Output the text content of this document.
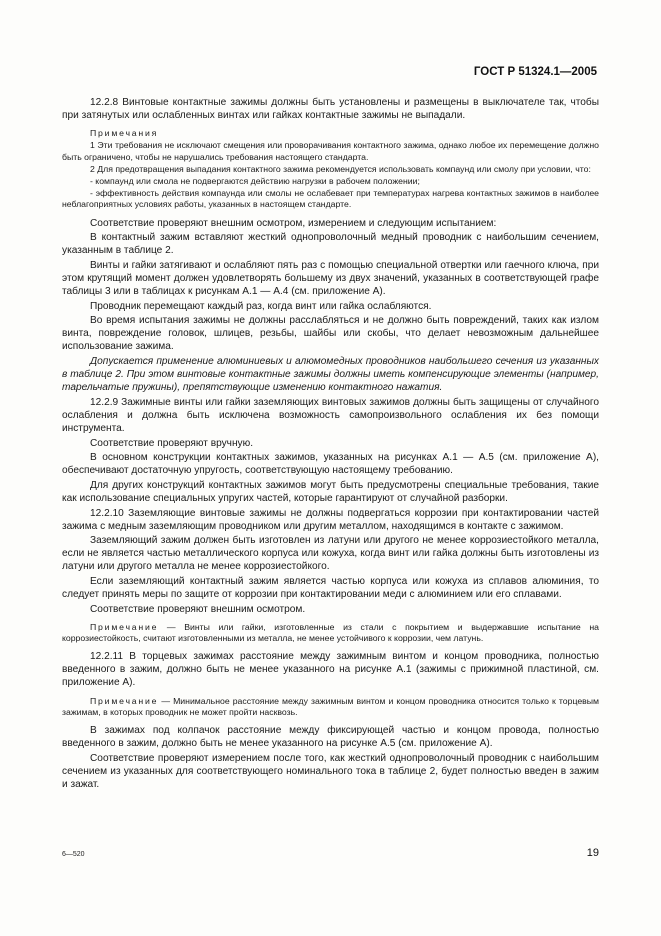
ГОСТ Р 51324.1—2005

12.2.8 Винтовые контактные зажимы должны быть установлены и размещены в выключателе так, чтобы при затянутых или ослабленных винтах или гайках контактные зажимы не выпадали.

Примечания

1 Эти требования не исключают смещения или проворачивания контактного зажима, однако любое их перемещение должно быть ограничено, чтобы не нарушались требования настоящего стандарта.

2 Для предотвращения выпадания контактного зажима рекомендуется использовать компаунд или смолу при условии, что:

- компаунд или смола не подвергаются действию нагрузки в рабочем положении;

- эффективность действия компаунда или смолы не ослабевает при температурах нагрева контактных зажимов в наиболее неблагоприятных условиях работы, указанных в настоящем стандарте.

Соответствие проверяют внешним осмотром, измерением и следующим испытанием:

В контактный зажим вставляют жесткий однопроволочный медный проводник с наибольшим сечением, указанным в таблице 2.

Винты и гайки затягивают и ослабляют пять раз с помощью специальной отвертки или гаечного ключа, при этом крутящий момент должен удовлетворять большему из двух значений, указанных в соответствующей графе таблицы 3 или в таблицах к рисункам А.1 — А.4 (см. приложение А).

Проводник перемещают каждый раз, когда винт или гайка ослабляются.

Во время испытания зажимы не должны расслабляться и не должно быть повреждений, таких как излом винта, повреждение головок, шлицев, резьбы, шайбы или скобы, что делает невозможным дальнейшее использование зажима.

Допускается применение алюминиевых и алюмомедных проводников наибольшего сечения из указанных в таблице 2. При этом винтовые контактные зажимы должны иметь компенсирующие элементы (например, тарельчатые пружины), препятствующие изменению контактного нажатия.

12.2.9 Зажимные винты или гайки заземляющих винтовых зажимов должны быть защищены от случайного ослабления и должна быть исключена возможность самопроизвольного ослабления их без помощи инструмента.

Соответствие проверяют вручную.

В основном конструкции контактных зажимов, указанных на рисунках А.1 — А.5 (см. приложение А), обеспечивают достаточную упругость, соответствующую настоящему требованию.

Для других конструкций контактных зажимов могут быть предусмотрены специальные требования, такие как использование специальных упругих частей, которые гарантируют от случайной разборки.

12.2.10 Заземляющие винтовые зажимы не должны подвергаться коррозии при контактировании частей зажима с медным заземляющим проводником или другим металлом, находящимся в контакте с зажимом.

Заземляющий зажим должен быть изготовлен из латуни или другого не менее коррозиестойкого металла, если не является частью металлического корпуса или кожуха, когда винт или гайка должны быть изготовлены из латуни или другого металла не менее коррозиестойкого.

Если заземляющий контактный зажим является частью корпуса или кожуха из сплавов алюминия, то следует принять меры по защите от коррозии при контактировании меди с алюминием или его сплавами.

Соответствие проверяют внешним осмотром.

Примечание — Винты или гайки, изготовленные из стали с покрытием и выдержавшие испытание на коррозиестойкость, считают изготовленными из металла, не менее устойчивого к коррозии, чем латунь.

12.2.11 В торцевых зажимах расстояние между зажимным винтом и концом проводника, полностью введенного в зажим, должно быть не менее указанного на рисунке А.1 (зажимы с прижимной пластиной, см. приложение А).

Примечание — Минимальное расстояние между зажимным винтом и концом проводника относится только к торцевым зажимам, в которых проводник не может пройти насквозь.

В зажимах под колпачок расстояние между фиксирующей частью и концом провода, полностью введенного в зажим, должно быть не менее указанного на рисунке А.5 (см. приложение А).

Соответствие проверяют измерением после того, как жесткий однопроволочный проводник с наибольшим сечением из указанных для соответствующего номинального тока в таблице 2, будет полностью введен в зажим и зажат.

6—520	19
